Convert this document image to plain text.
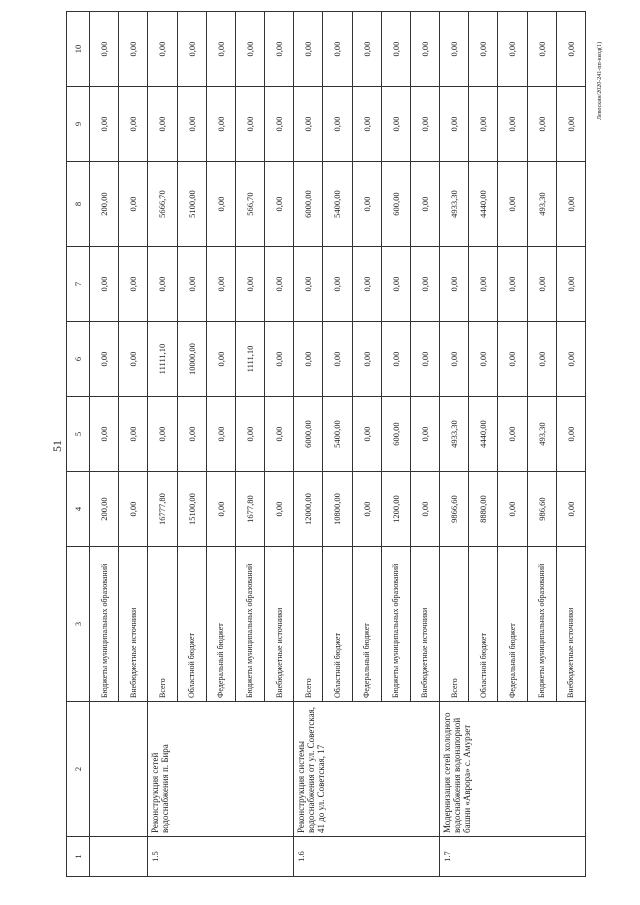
51
Левоскин/2020-241-пп-ккод(1)
1	2	3	4	5	6	7	8	9	10
		Бюджеты муниципальных образований	200,00	0,00	0,00	0,00	200,00	0,00	0,00
		Внебюджетные источники	0,00	0,00	0,00	0,00	0,00	0,00	0,00
1.5	Реконструкция сетей водоснабжения п. Бира	Всего	16777,80	0,00	11111,10	0,00	5666,70	0,00	0,00
		Областной бюджет	15100,00	0,00	10000,00	0,00	5100,00	0,00	0,00
		Федеральный бюджет	0,00	0,00	0,00	0,00	0,00	0,00	0,00
		Бюджеты муниципальных образований	1677,80	0,00	1111,10	0,00	566,70	0,00	0,00
		Внебюджетные источники	0,00	0,00	0,00	0,00	0,00	0,00	0,00
1.6	Реконструкция системы водоснабжения от ул. Советская, 41 до ул. Советская, 17	Всего	12000,00	6000,00	0,00	0,00	6000,00	0,00	0,00
		Областной бюджет	10800,00	5400,00	0,00	0,00	5400,00	0,00	0,00
		Федеральный бюджет	0,00	0,00	0,00	0,00	0,00	0,00	0,00
		Бюджеты муниципальных образований	1200,00	600,00	0,00	0,00	600,00	0,00	0,00
		Внебюджетные источники	0,00	0,00	0,00	0,00	0,00	0,00	0,00
1.7	Модернизация сетей холодного водоснабжения водонапорной башни «Аврора» с. Амурзет	Всего	9866,60	4933,30	0,00	0,00	4933,30	0,00	0,00
		Областной бюджет	8880,00	4440,00	0,00	0,00	4440,00	0,00	0,00
		Федеральный бюджет	0,00	0,00	0,00	0,00	0,00	0,00	0,00
		Бюджеты муниципальных образований	986,60	493,30	0,00	0,00	493,30	0,00	0,00
		Внебюджетные источники	0,00	0,00	0,00	0,00	0,00	0,00	0,00
